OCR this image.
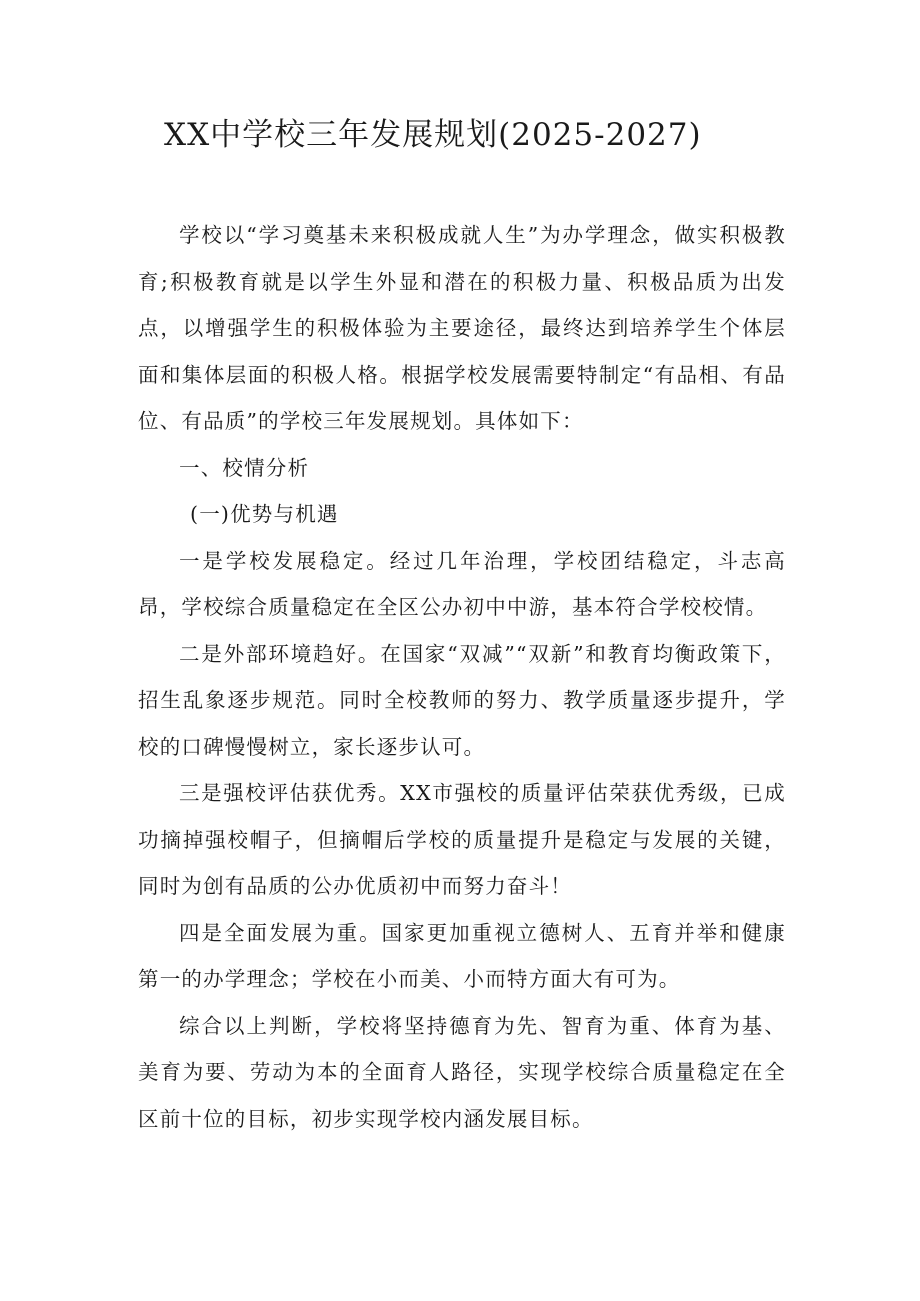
XX中学校三年发展规划(2025-2027)

学校以“学习奠基未来积极成就人生”为办学理念，做实积极教育;积极教育就是以学生外显和潜在的积极力量、积极品质为出发点，以增强学生的积极体验为主要途径，最终达到培养学生个体层面和集体层面的积极人格。根据学校发展需要特制定“有品相、有品位、有品质”的学校三年发展规划。具体如下：

一、校情分析

(一)优势与机遇

一是学校发展稳定。经过几年治理，学校团结稳定，斗志高昂，学校综合质量稳定在全区公办初中中游，基本符合学校校情。

二是外部环境趋好。在国家“双减”“双新”和教育均衡政策下，招生乱象逐步规范。同时全校教师的努力、教学质量逐步提升，学校的口碑慢慢树立，家长逐步认可。

三是强校评估获优秀。XX市强校的质量评估荣获优秀级，已成功摘掉强校帽子，但摘帽后学校的质量提升是稳定与发展的关键，同时为创有品质的公办优质初中而努力奋斗！

四是全面发展为重。国家更加重视立德树人、五育并举和健康第一的办学理念；学校在小而美、小而特方面大有可为。

综合以上判断，学校将坚持德育为先、智育为重、体育为基、美育为要、劳动为本的全面育人路径，实现学校综合质量稳定在全区前十位的目标，初步实现学校内涵发展目标。
